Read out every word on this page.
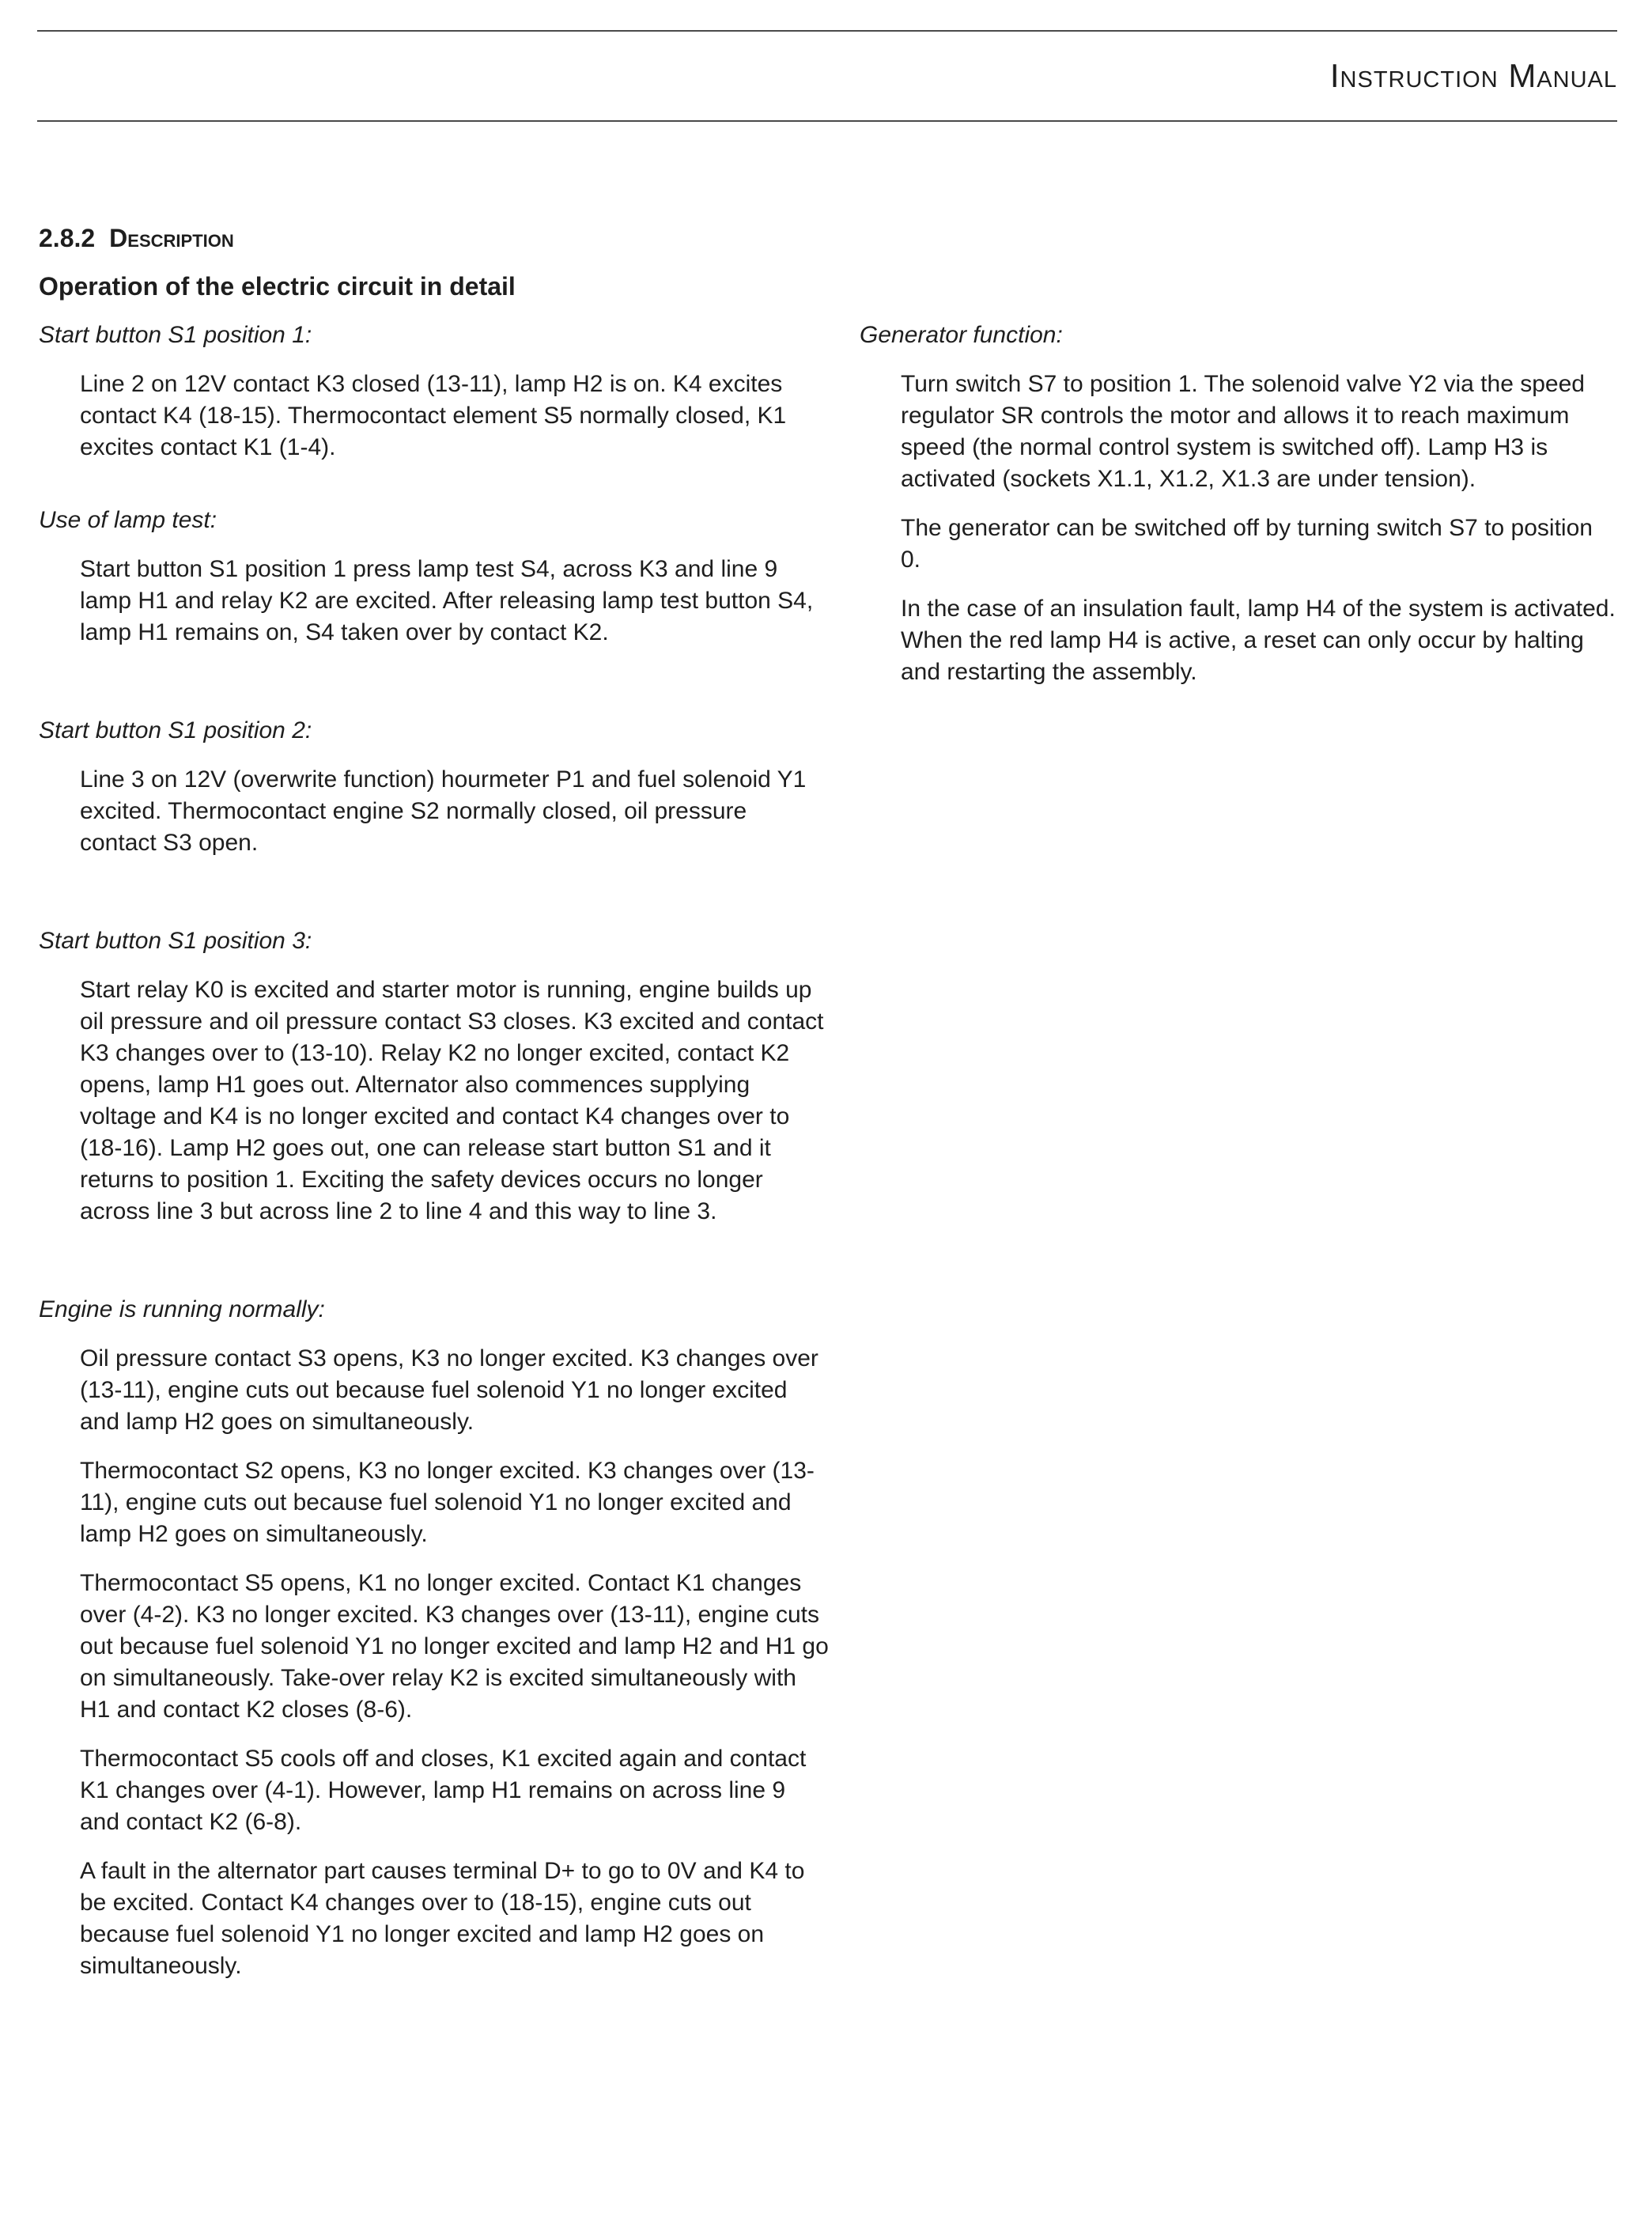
Instruction Manual
2.8.2 Description
Operation of the electric circuit in detail
Start button S1 position 1:
Line 2 on 12V contact K3 closed (13-11), lamp H2 is on. K4 excites contact K4 (18-15). Thermocontact element S5 normally closed, K1 excites contact K1 (1-4).
Use of lamp test:
Start button S1 position 1 press lamp test S4, across K3 and line 9 lamp H1 and relay K2 are excited. After releasing lamp test button S4, lamp H1 remains on, S4 taken over by contact K2.
Start button S1 position 2:
Line 3 on 12V (overwrite function) hourmeter P1 and fuel solenoid Y1 excited. Thermocontact engine S2 normally closed, oil pressure contact S3 open.
Start button S1 position 3:
Start relay K0 is excited and starter motor is running, engine builds up oil pressure and oil pressure contact S3 closes. K3 excited and contact K3 changes over to (13-10). Relay K2 no longer excited, contact K2 opens, lamp H1 goes out. Alternator also commences supplying voltage and K4 is no longer excited and contact K4 changes over to (18-16). Lamp H2 goes out, one can release start button S1 and it returns to position 1. Exciting the safety devices occurs no longer across line 3 but across line 2 to line 4 and this way to line 3.
Engine is running normally:
Oil pressure contact S3 opens, K3 no longer excited. K3 changes over (13-11), engine cuts out because fuel solenoid Y1 no longer excited and lamp H2 goes on simultaneously.
Thermocontact S2 opens, K3 no longer excited. K3 changes over (13-11), engine cuts out because fuel solenoid Y1 no longer excited and lamp H2 goes on simultaneously.
Thermocontact S5 opens, K1 no longer excited. Contact K1 changes over (4-2). K3 no longer excited. K3 changes over (13-11), engine cuts out because fuel solenoid Y1 no longer excited and lamp H2 and H1 go on simultaneously. Take-over relay K2 is excited simultaneously with H1 and contact K2 closes (8-6).
Thermocontact S5 cools off and closes, K1 excited again and contact K1 changes over (4-1). However, lamp H1 remains on across line 9 and contact K2 (6-8).
A fault in the alternator part causes terminal D+ to go to 0V and K4 to be excited. Contact K4 changes over to (18-15), engine cuts out because fuel solenoid Y1 no longer excited and lamp H2 goes on simultaneously.
Generator function:
Turn switch S7 to position 1. The solenoid valve Y2 via the speed regulator SR controls the motor and allows it to reach maximum speed (the normal control system is switched off). Lamp H3 is activated (sockets X1.1, X1.2, X1.3 are under tension).
The generator can be switched off by turning switch S7 to position 0.
In the case of an insulation fault, lamp H4 of the system is activated. When the red lamp H4 is active, a reset can only occur by halting and restarting the assembly.
